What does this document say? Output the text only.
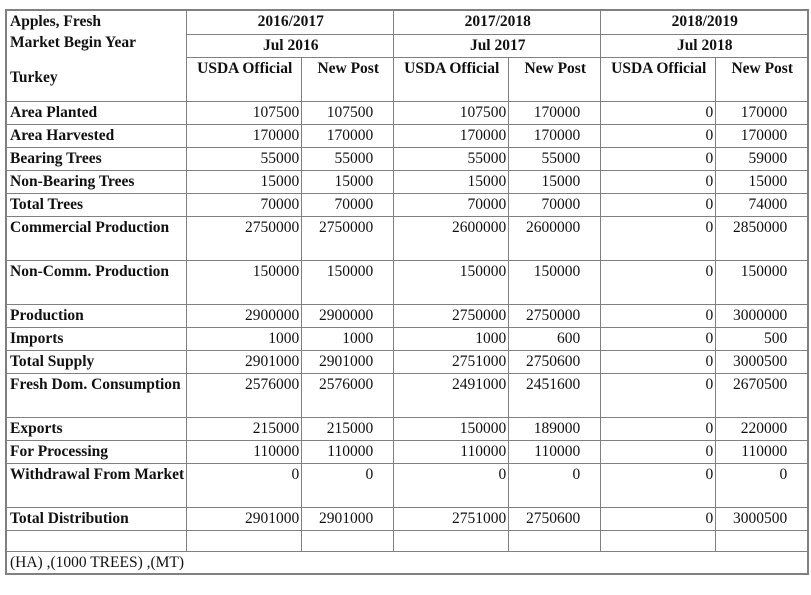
Apples, Fresh
Market Begin Year
Turkey	2016/2017		2017/2018		2018/2019	
	Jul 2016		Jul 2017		Jul 2018	
	USDA Official	New Post	USDA Official	New Post	USDA Official	New Post
Area Planted	107500	107500	107500	170000	0	170000
Area Harvested	170000	170000	170000	170000	0	170000
Bearing Trees	55000	55000	55000	55000	0	59000
Non-Bearing Trees	15000	15000	15000	15000	0	15000
Total Trees	70000	70000	70000	70000	0	74000
Commercial Production	2750000	2750000	2600000	2600000	0	2850000
Non-Comm. Production	150000	150000	150000	150000	0	150000
Production	2900000	2900000	2750000	2750000	0	3000000
Imports	1000	1000	1000	600	0	500
Total Supply	2901000	2901000	2751000	2750600	0	3000500
Fresh Dom. Consumption	2576000	2576000	2491000	2451600	0	2670500
Exports	215000	215000	150000	189000	0	220000
For Processing	110000	110000	110000	110000	0	110000
Withdrawal From Market	0	0	0	0	0	0
Total Distribution	2901000	2901000	2751000	2750600	0	3000500

(HA) ,(1000 TREES) ,(MT)						
